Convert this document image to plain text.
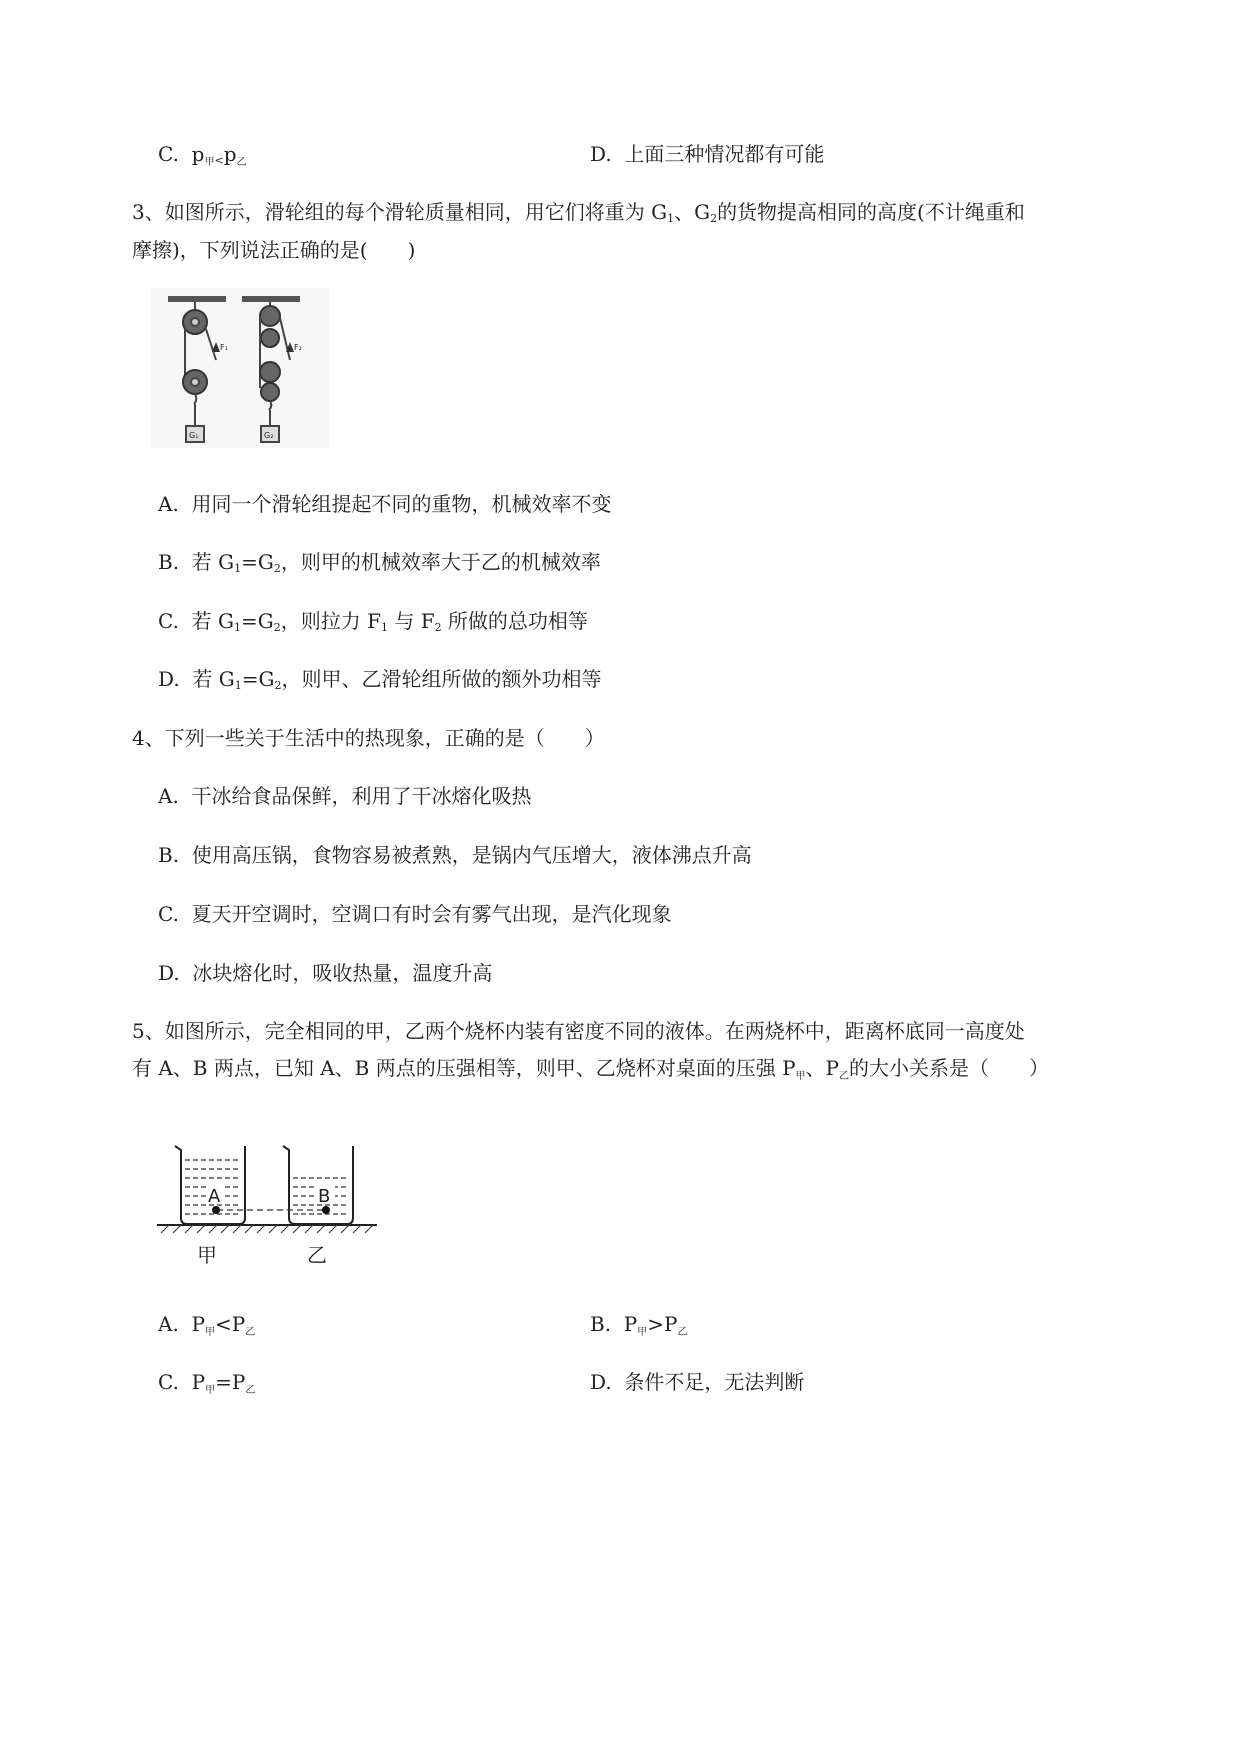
C. $p_{甲<}p_乙$	D. 上面三种情况都有可能
3、如图所示，滑轮组的每个滑轮质量相同，用它们将重为 $G_1$、$G_2$的货物提高相同的高度(不计绳重和
摩擦)，下列说法正确的是(　　)
F₁	F₂
G₁	G₂
A. 用同一个滑轮组提起不同的重物，机械效率不变
B. 若 $G_1=G_2$，则甲的机械效率大于乙的机械效率
C. 若 $G_1=G_2$，则拉力 $F_1$ 与 $F_2$ 所做的总功相等
D. 若 $G_1=G_2$，则甲、乙滑轮组所做的额外功相等
4、下列一些关于生活中的热现象，正确的是（　　）
A. 干冰给食品保鲜，利用了干冰熔化吸热
B. 使用高压锅，食物容易被煮熟，是锅内气压增大，液体沸点升高
C. 夏天开空调时，空调口有时会有雾气出现，是汽化现象
D. 冰块熔化时，吸收热量，温度升高
5、如图所示，完全相同的甲，乙两个烧杯内装有密度不同的液体。在两烧杯中，距离杯底同一高度处
有 A、B 两点，已知 A、B 两点的压强相等，则甲、乙烧杯对桌面的压强 $P_甲$、$P_乙$的大小关系是（　　）
A	B
甲	乙
A. $P_甲<P_乙$	B. $P_甲>P_乙$
C. $P_甲=P_乙$	D. 条件不足，无法判断
